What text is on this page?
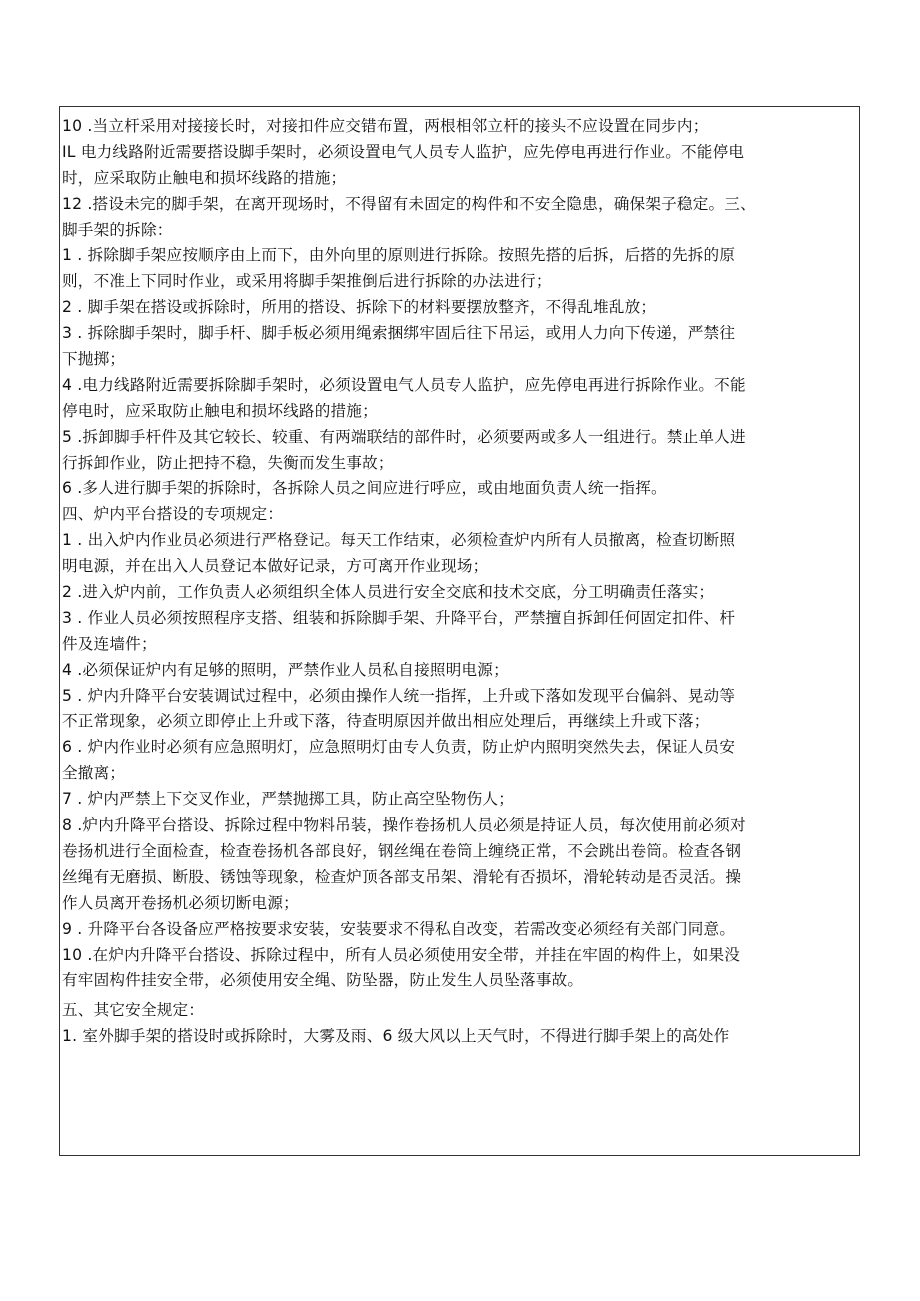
10 .当立杆采用对接接长时，对接扣件应交错布置，两根相邻立杆的接头不应设置在同步内；
IL 电力线路附近需要搭设脚手架时，必须设置电气人员专人监护，应先停电再进行作业。不能停电
时，应采取防止触电和损坏线路的措施；
12 .搭设未完的脚手架，在离开现场时，不得留有未固定的构件和不安全隐患，确保架子稳定。三、
脚手架的拆除：
1 . 拆除脚手架应按顺序由上而下，由外向里的原则进行拆除。按照先搭的后拆，后搭的先拆的原
则，不准上下同时作业，或采用将脚手架推倒后进行拆除的办法进行；
2 . 脚手架在搭设或拆除时，所用的搭设、拆除下的材料要摆放整齐，不得乱堆乱放；
3 . 拆除脚手架时，脚手杆、脚手板必须用绳索捆绑牢固后往下吊运，或用人力向下传递，严禁往
下抛掷；
4 .电力线路附近需要拆除脚手架时，必须设置电气人员专人监护，应先停电再进行拆除作业。不能
停电时，应采取防止触电和损坏线路的措施；
5 .拆卸脚手杆件及其它较长、较重、有两端联结的部件时，必须要两或多人一组进行。禁止单人进
行拆卸作业，防止把持不稳，失衡而发生事故；
6 .多人进行脚手架的拆除时，各拆除人员之间应进行呼应，或由地面负责人统一指挥。
四、炉内平台搭设的专项规定：
1 . 出入炉内作业员必须进行严格登记。每天工作结束，必须检查炉内所有人员撤离，检查切断照
明电源，并在出入人员登记本做好记录，方可离开作业现场；
2 .进入炉内前，工作负责人必须组织全体人员进行安全交底和技术交底，分工明确责任落实；
3 . 作业人员必须按照程序支搭、组装和拆除脚手架、升降平台，严禁擅自拆卸任何固定扣件、杆
件及连墙件；
4 .必须保证炉内有足够的照明，严禁作业人员私自接照明电源；
5 . 炉内升降平台安装调试过程中，必须由操作人统一指挥，上升或下落如发现平台偏斜、晃动等
不正常现象，必须立即停止上升或下落，待查明原因并做出相应处理后，再继续上升或下落；
6 . 炉内作业时必须有应急照明灯，应急照明灯由专人负责，防止炉内照明突然失去，保证人员安
全撤离；
7 . 炉内严禁上下交叉作业，严禁抛掷工具，防止高空坠物伤人；
8 .炉内升降平台搭设、拆除过程中物料吊装，操作卷扬机人员必须是持证人员，每次使用前必须对
卷扬机进行全面检查，检查卷扬机各部良好，钢丝绳在卷筒上缠绕正常，不会跳出卷筒。检查各钢
丝绳有无磨损、断股、锈蚀等现象，检查炉顶各部支吊架、滑轮有否损坏，滑轮转动是否灵活。操
作人员离开卷扬机必须切断电源；
9 . 升降平台各设备应严格按要求安装，安装要求不得私自改变，若需改变必须经有关部门同意。
10 .在炉内升降平台搭设、拆除过程中，所有人员必须使用安全带，并挂在牢固的构件上，如果没
有牢固构件挂安全带，必须使用安全绳、防坠器，防止发生人员坠落事故。
五、其它安全规定：
1. 室外脚手架的搭设时或拆除时，大雾及雨、6 级大风以上天气时，不得进行脚手架上的高处作
